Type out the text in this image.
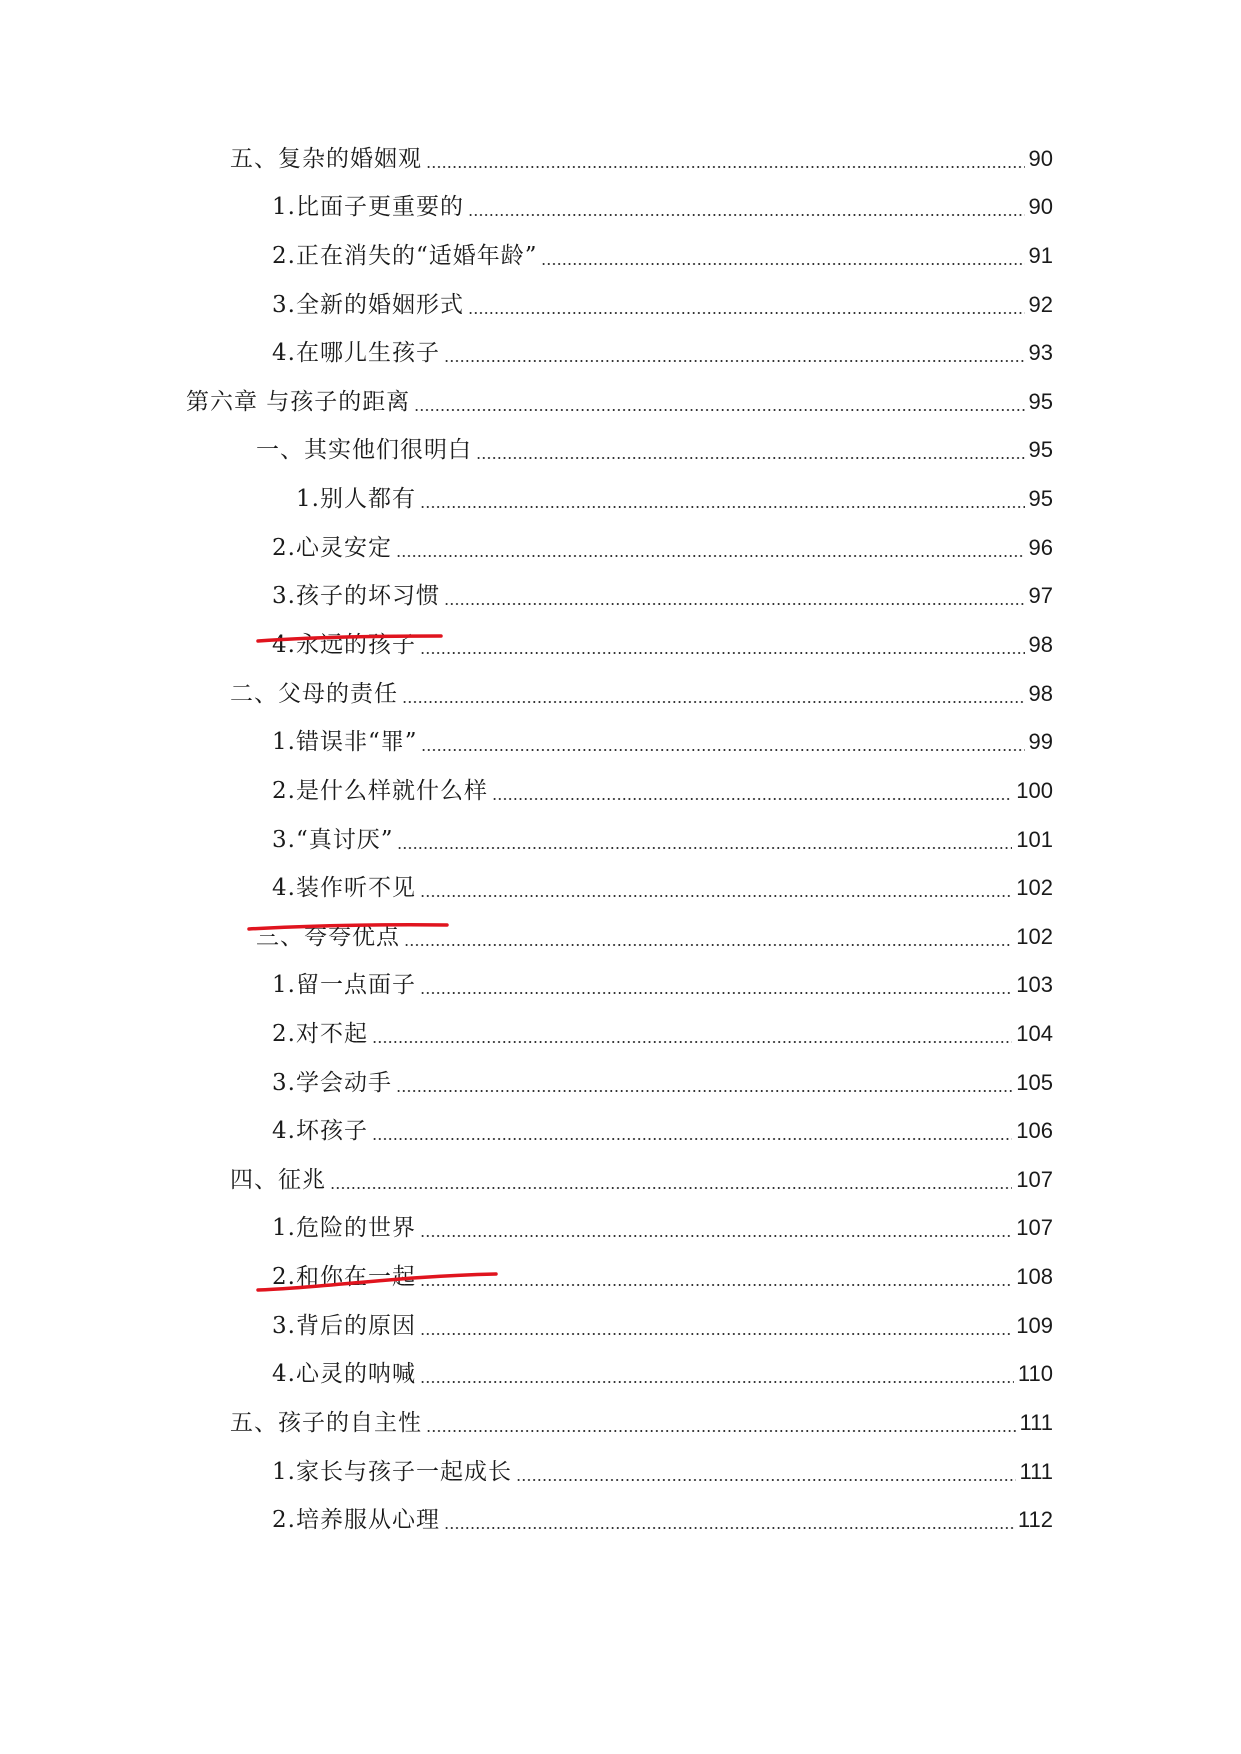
五、复杂的婚姻观	90
1.比面子更重要的	90
2.正在消失的“适婚年龄”	91
3.全新的婚姻形式	92
4.在哪儿生孩子	93
第六章 与孩子的距离	95
一、其实他们很明白	95
1.别人都有	95
2.心灵安定	96
3.孩子的坏习惯	97
4.永远的孩子	98
二、父母的责任	98
1.错误非“罪”	99
2.是什么样就什么样	100
3.“真讨厌”	101
4.装作听不见	102
三、夸夸优点	102
1.留一点面子	103
2.对不起	104
3.学会动手	105
4.坏孩子	106
四、征兆	107
1.危险的世界	107
2.和你在一起	108
3.背后的原因	109
4.心灵的呐喊	110
五、孩子的自主性	111
1.家长与孩子一起成长	111
2.培养服从心理	112
